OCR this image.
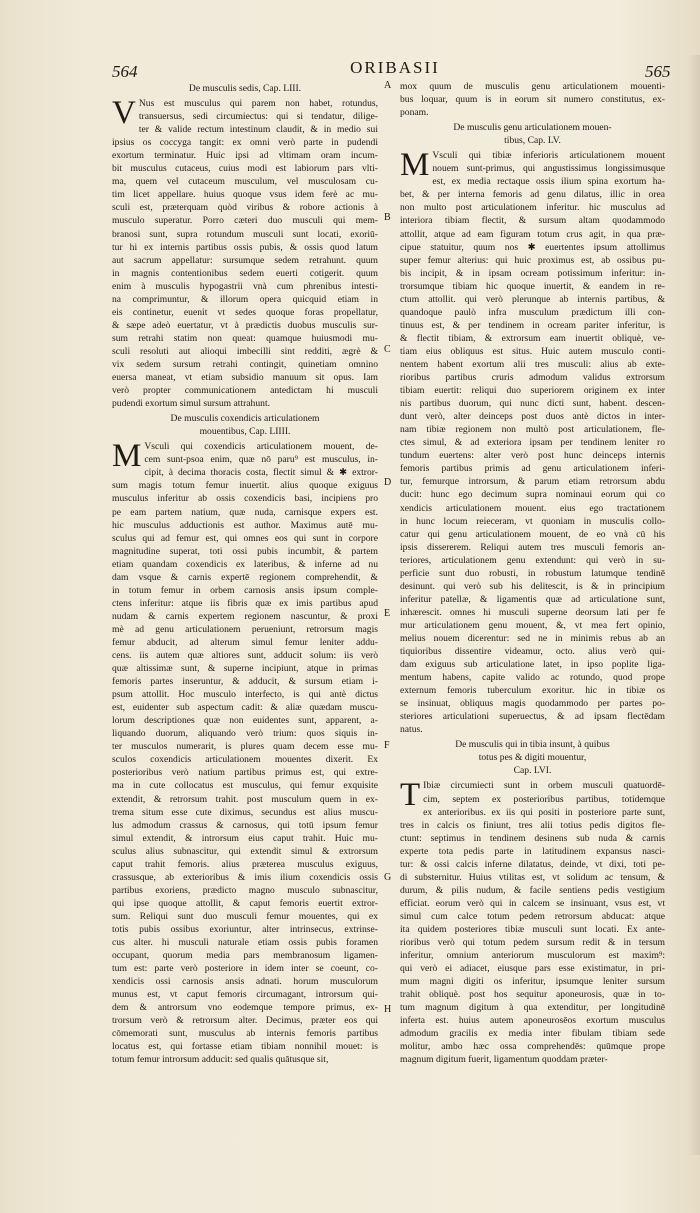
564	ORIBASII	565
De musculis sedis, Cap. LIII.
V Nus est musculus qui parem non habet, rotundus,
transuersus, sedi circumiectus: qui si tendatur, dilige-
ter & valide rectum intestinum claudit, & in medio sui
ipsius os coccyga tangit: ex omni verò parte in pudendi
exortum terminatur. Huic ipsi ad vltimam oram incum-
bit musculus cutaceus, cuius modi est labiorum pars vlti-
ma, quem vel cutaceum musculum, vel musculosam cu-
tim licet appellare. huius quoque vsus idem ferè ac mu-
sculi est, præterquam quòd viribus & robore actionis à
musculo superatur. Porro cæteri duo musculi qui mem-
branosi sunt, supra rotundum musculi sunt locati, exoriū-
tur hi ex internis partibus ossis pubis, & ossis quod latum
aut sacrum appellatur: sursumque sedem retrahunt. quum
in magnis contentionibus sedem euerti cotigerit. quum
enim à musculis hypogastrii vnà cum phrenibus intesti-
na comprimuntur, & illorum opera quicquid etiam in
eis continetur, euenit vt sedes quoque foras propellatur,
& sæpe adeò euertatur, vt à prædictis duobus musculis sur-
sum retrahi statim non queat: quamque huiusmodi mu-
sculi resoluti aut alioqui imbecilli sint redditi, ægrè &
vix sedem sursum retrahi contingit, quinetiam omnino
euersa maneat, vt etiam subsidio manuum sit opus. Iam
verò propter communicationem antedictam hi musculi
pudendi exortum simul sursum attrahunt.
De musculis coxendicis articulationem
mouentibus, Cap. LIIII.
M Vsculi qui coxendicis articulationem mouent, de-
cem sunt-psoa enim, quæ nō paru⁹ est musculus, in-
cipit, à decima thoracis costa, flectit simul & ✱ extror-
sum magis totum femur inuertit. alius quoque exiguus
musculus inferitur ab ossis coxendicis basi, incipiens pro
pe eam partem natium, quæ nuda, carnisque expers est.
hic musculus adductionis est author. Maximus autē mu-
sculus qui ad femur est, qui omnes eos qui sunt in corpore
magnitudine superat, toti ossi pubis incumbit, & partem
etiam quandam coxendicis ex lateribus, & inferne ad nu
dam vsque & carnis expertē regionem comprehendit, &
in totum femur in orbem carnosis ansis ipsum comple-
ctens inferitur: atque iis fibris quæ ex imis partibus apud
nudam & carnis expertem regionem nascuntur, & proxi
mè ad genu articulationem perueniunt, retrorsum magis
femur abducit, ad alterum simul femur leniter addu-
cens. iis autem quæ altiores sunt, adducit solum: iis verò
quæ altissimæ sunt, & superne incipiunt, atque in primas
femoris partes inseruntur, & adducit, & sursum etiam i-
psum attollit. Hoc musculo interfecto, is qui antè dictus
est, euidenter sub aspectum cadit: & aliæ quædam muscu-
lorum descriptiones quæ non euidentes sunt, apparent, a-
liquando duorum, aliquando verò trium: quos siquis in-
ter musculos numerarit, is plures quam decem esse mu-
sculos coxendicis articulationem mouentes dixerit. Ex
posterioribus verò natium partibus primus est, qui extre-
ma in cute collocatus est musculus, qui femur exquisite
extendit, & retrorsum trahit. post musculum quem in ex-
trema situm esse cute diximus, secundus est alius muscu-
lus admodum crassus & carnosus, qui totū ipsum femur
simul extendit, & introrsum eius caput trahit. Huic mu-
sculus alius subnascitur, qui extendit simul & extrorsum
caput trahit femoris. alius præterea musculus exiguus,
crassusque, ab exterioribus & imis ilium coxendicis ossis
partibus exoriens, prædicto magno musculo subnascitur,
qui ipse quoque attollit, & caput femoris euertit extror-
sum. Reliqui sunt duo musculi femur mouentes, qui ex
totis pubis ossibus exoriuntur, alter intrinsecus, extrinse-
cus alter. hi musculi naturale etiam ossis pubis foramen
occupant, quorum media pars membranosum ligamen-
tum est: parte verò posteriore in idem inter se coeunt, co-
xendicis ossi carnosis ansis adnati. horum musculorum
munus est, vt caput femoris circumagant, introrsum qui-
dem & antrorsum vno eodemque tempore primus, ex-
trorsum verò & retrorsum alter. Decimus, præter eos qui
cōmemorati sunt, musculus ab internis femoris partibus
locatus est, qui fortasse etiam tibiam nonnihil mouet: is
totum femur introrsum adducit: sed qualis quātusque sit,
mox quum de musculis genu articulationem mouenti-
bus loquar, quum is in eorum sit numero constitutus, ex-
ponam.
De musculis genu articulationem mouen-
tibus, Cap. LV.
M Vsculi qui tibiæ inferioris articulationem mouent
nouem sunt-primus, qui angustissimus longissimusque
est, ex media rectaque ossis ilium spina exortum ha-
bet, & per interna femoris ad genu dilatus, illic in orea
non multo post articulationem inferitur. hic musculus ad
interiora tibiam flectit, & sursum altam quodammodo
attollit, atque ad eam figuram totum crus agit, in qua præ-
cipue statuitur, quum nos ✱ euertentes ipsum attollimus
super femur alterius: qui huic proximus est, ab ossibus pu-
bis incipit, & in ipsam ocream potissimum inferitur: in-
trorsumque tibiam hic quoque inuertit, & eandem in re-
ctum attollit. qui verò plerunque ab internis partibus, &
quandoque paulò infra musculum prædictum illi con-
tinuus est, & per tendinem in ocream pariter inferitur, is
& flectit tibiam, & extrorsum eam inuertit obliquè, ve-
tiam eius obliquus est situs. Huic autem musculo conti-
nentem habent exortum alii tres musculi: alius ab exte-
rioribus partibus cruris admodum validus extrorsum
tibiam euertit: reliqui duo superiorem originem ex inter
nis partibus duorum, qui nunc dicti sunt, habent. descen-
dunt verò, alter deinceps post duos antè dictos in inter-
nam tibiæ regionem non multò post articulationem, fle-
ctes simul, & ad exteriora ipsam per tendinem leniter ro
tundum euertens: alter verò post hunc deinceps internis
femoris partibus primis ad genu articulationem inferi-
tur, femurque introrsum, & parum etiam retrorsum abdu
ducit: hunc ego decimum supra nominaui eorum qui co
xendicis articulationem mouent. eius ego tractationem
in hunc locum reieceram, vt quoniam in musculis collo-
catur qui genu articulationem mouent, de eo vnà cū his
ipsis dissererem. Reliqui autem tres musculi femoris an-
teriores, articulationem genu extendunt: qui verò in su-
perficie sunt duo robusti, in robustum latumque tendinē
desinunt. qui verò sub his delitescit, is & in principium
inferitur patellæ, & ligamentis quæ ad articulatione sunt,
inhærescit. omnes hi musculi superne deorsum lati per fe
mur articulationem genu mouent, &, vt mea fert opinio,
melius nouem dicerentur: sed ne in minimis rebus ab an
tiquioribus dissentire videamur, octo. alius verò qui-
dam exiguus sub articulatione latet, in ipso poplite liga-
mentum habens, capite valido ac rotundo, quod prope
externum femoris tuberculum exoritur. hic in tibiæ os
se insinuat, obliquus magis quodammodo per partes po-
steriores articulationi superuectus, & ad ipsam flectēdam
natus.
De musculis qui in tibia insunt, à quibus
totus pes & digiti mouentur,
Cap. LVI.
T Ibiæ circumiecti sunt in orbem musculi quatuordē-
cim, septem ex posterioribus partibus, totidemque
ex anterioribus. ex iis qui positi in posteriore parte sunt,
tres in calcis os finiunt, tres alii totius pedis digitos fle-
ctunt: septimus in tendinem desinens sub nuda & carnis
experte tota pedis parte in latitudinem expansus nasci-
tur: & ossi calcis inferne dilatatus, deinde, vt dixi, toti pe-
di substernitur. Huius vtilitas est, vt solidum ac tensum, &
durum, & pilis nudum, & facile sentiens pedis vestigium
efficiat. eorum verò qui in calcem se insinuant, vsus est, vt
simul cum calce totum pedem retrorsum abducat: atque
ita quidem posteriores tibiæ musculi sunt locati. Ex ante-
rioribus verò qui totum pedem sursum redit & in tersum
inferitur, omnium anteriorum musculorum est maxim⁹:
qui verò ei adiacet, eiusque pars esse existimatur, in pri-
mum magni digiti os inferitur, ipsumque leniter sursum
trahit obliquè. post hos sequitur aponeurosis, quæ in to-
tum magnum digitum à qua extenditur, per longitudinē
inferta est. huius autem aponeurosēos exortum musculus
admodum gracilis ex media inter fibulam tibiam sede
molitur, ambo hæc ossa comprehendēs: quūmque prope
magnum digitum fuerit, ligamentum quoddam præter-
A
B
C
D
E
F
G
H
